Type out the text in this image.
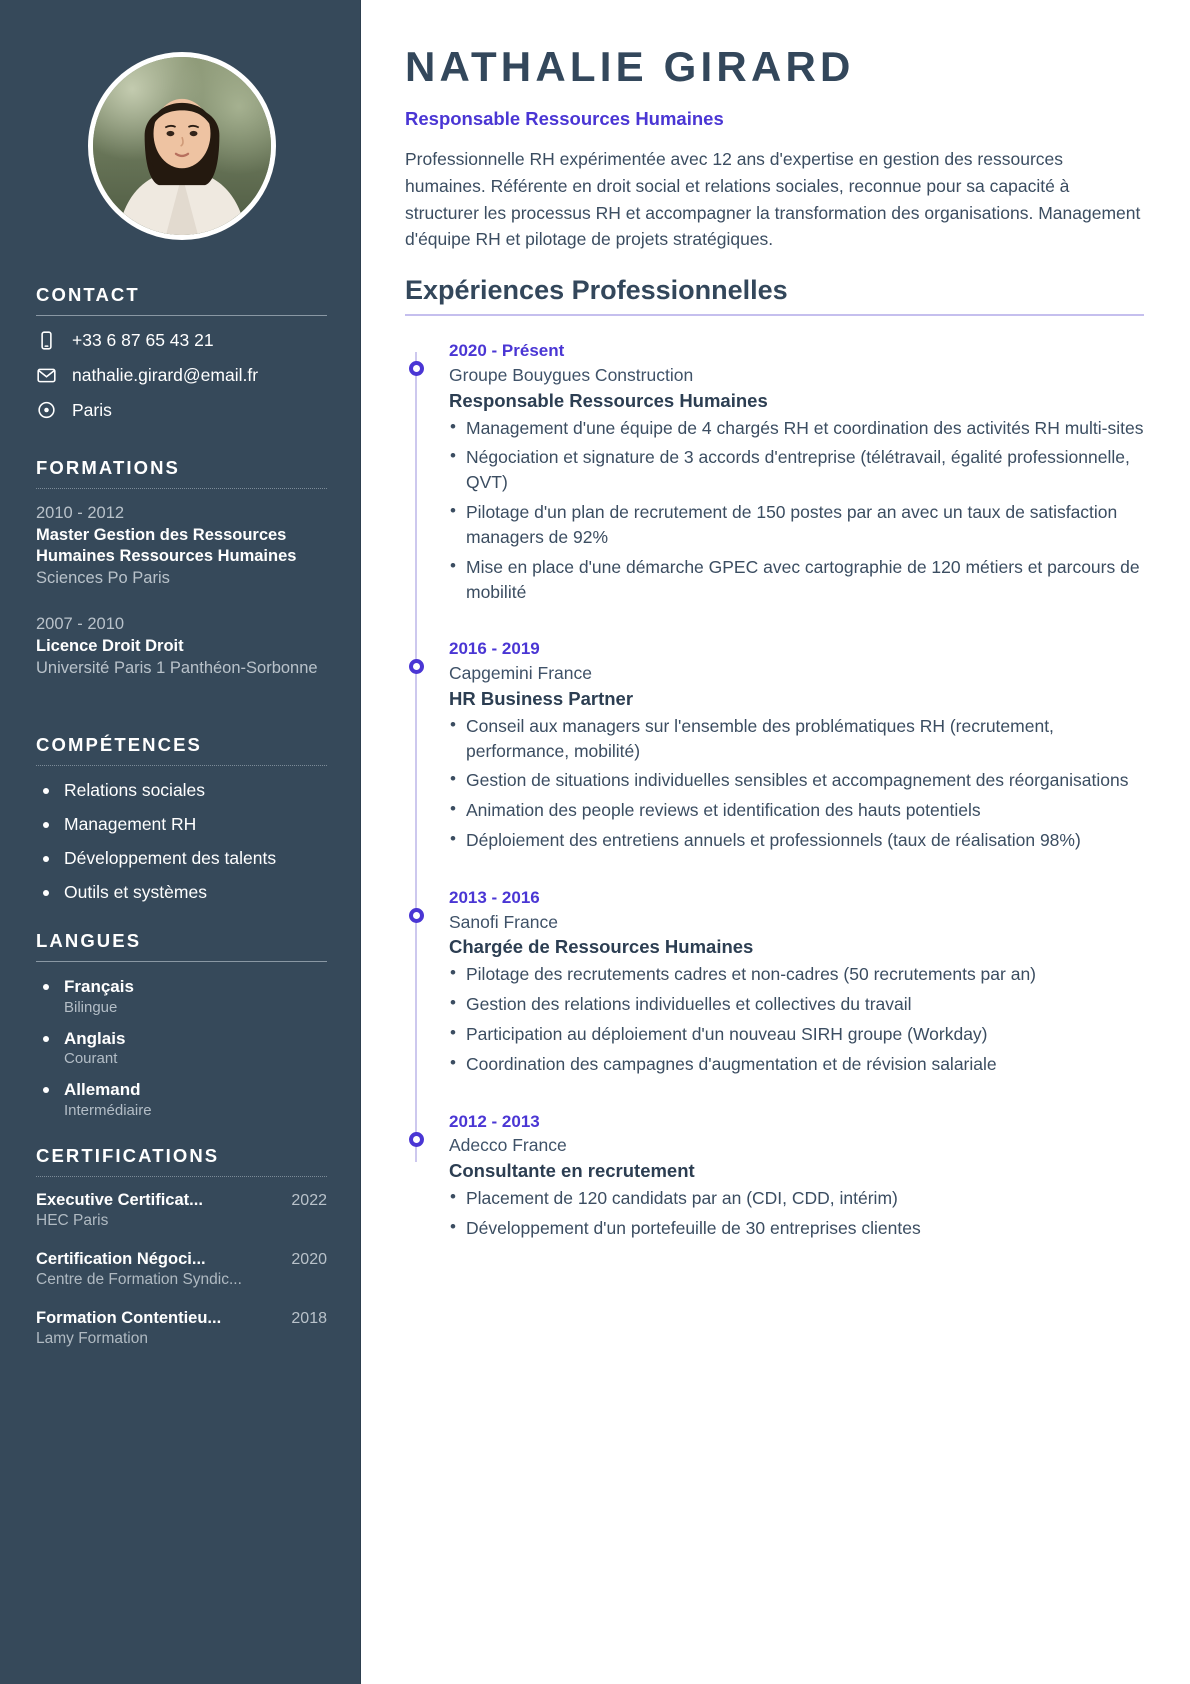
CONTACT
+33 6 87 65 43 21
nathalie.girard@email.fr
Paris
FORMATIONS
2010 - 2012
Master Gestion des Ressources Humaines Ressources Humaines
Sciences Po Paris
2007 - 2010
Licence Droit Droit
Université Paris 1 Panthéon-Sorbonne
COMPÉTENCES
Relations sociales
Management RH
Développement des talents
Outils et systèmes
LANGUES
Français
Bilingue
Anglais
Courant
Allemand
Intermédiaire
CERTIFICATIONS
Executive Certificat...	2022
HEC Paris
Certification Négoci...	2020
Centre de Formation Syndic...
Formation Contentieu...	2018
Lamy Formation
NATHALIE GIRARD
Responsable Ressources Humaines

Professionnelle RH expérimentée avec 12 ans d'expertise en gestion des ressources humaines. Référente en droit social et relations sociales, reconnue pour sa capacité à structurer les processus RH et accompagner la transformation des organisations. Management d'équipe RH et pilotage de projets stratégiques.

Expériences Professionnelles
2020 - Présent
Groupe Bouygues Construction
Responsable Ressources Humaines
• Management d'une équipe de 4 chargés RH et coordination des activités RH multi-sites
• Négociation et signature de 3 accords d'entreprise (télétravail, égalité professionnelle, QVT)
• Pilotage d'un plan de recrutement de 150 postes par an avec un taux de satisfaction managers de 92%
• Mise en place d'une démarche GPEC avec cartographie de 120 métiers et parcours de mobilité
2016 - 2019
Capgemini France
HR Business Partner
• Conseil aux managers sur l'ensemble des problématiques RH (recrutement, performance, mobilité)
• Gestion de situations individuelles sensibles et accompagnement des réorganisations
• Animation des people reviews et identification des hauts potentiels
• Déploiement des entretiens annuels et professionnels (taux de réalisation 98%)
2013 - 2016
Sanofi France
Chargée de Ressources Humaines
• Pilotage des recrutements cadres et non-cadres (50 recrutements par an)
• Gestion des relations individuelles et collectives du travail
• Participation au déploiement d'un nouveau SIRH groupe (Workday)
• Coordination des campagnes d'augmentation et de révision salariale
2012 - 2013
Adecco France
Consultante en recrutement
• Placement de 120 candidats par an (CDI, CDD, intérim)
• Développement d'un portefeuille de 30 entreprises clientes
